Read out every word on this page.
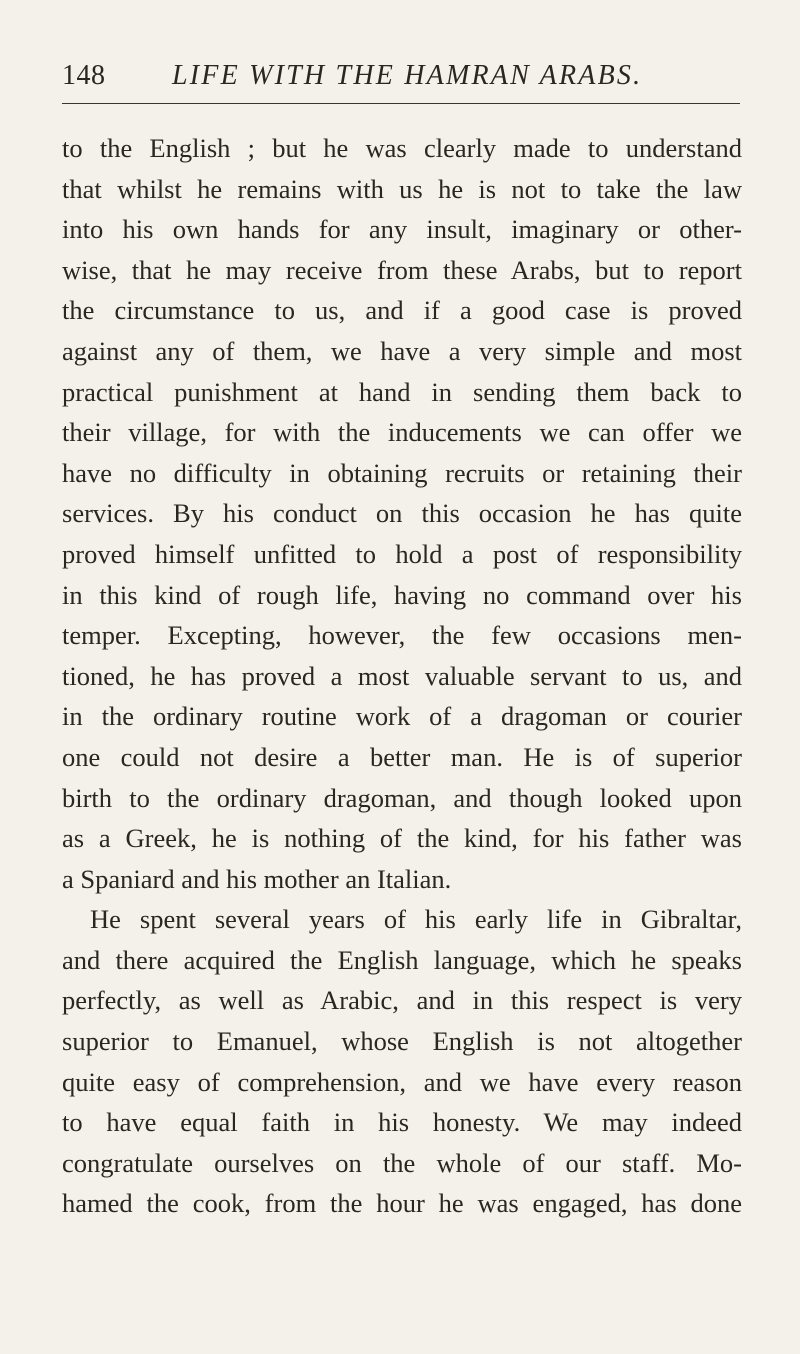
148 LIFE WITH THE HAMRAN ARABS.
to the English ; but he was clearly made to understand
that whilst he remains with us he is not to take the law
into his own hands for any insult, imaginary or other-
wise, that he may receive from these Arabs, but to report
the circumstance to us, and if a good case is proved
against any of them, we have a very simple and most
practical punishment at hand in sending them back to
their village, for with the inducements we can offer we
have no difficulty in obtaining recruits or retaining their
services. By his conduct on this occasion he has quite
proved himself unfitted to hold a post of responsibility
in this kind of rough life, having no command over his
temper. Excepting, however, the few occasions men-
tioned, he has proved a most valuable servant to us, and
in the ordinary routine work of a dragoman or courier
one could not desire a better man. He is of superior
birth to the ordinary dragoman, and though looked upon
as a Greek, he is nothing of the kind, for his father was
a Spaniard and his mother an Italian.
He spent several years of his early life in Gibraltar,
and there acquired the English language, which he speaks
perfectly, as well as Arabic, and in this respect is very
superior to Emanuel, whose English is not altogether
quite easy of comprehension, and we have every reason
to have equal faith in his honesty. We may indeed
congratulate ourselves on the whole of our staff. Mo-
hamed the cook, from the hour he was engaged, has done
